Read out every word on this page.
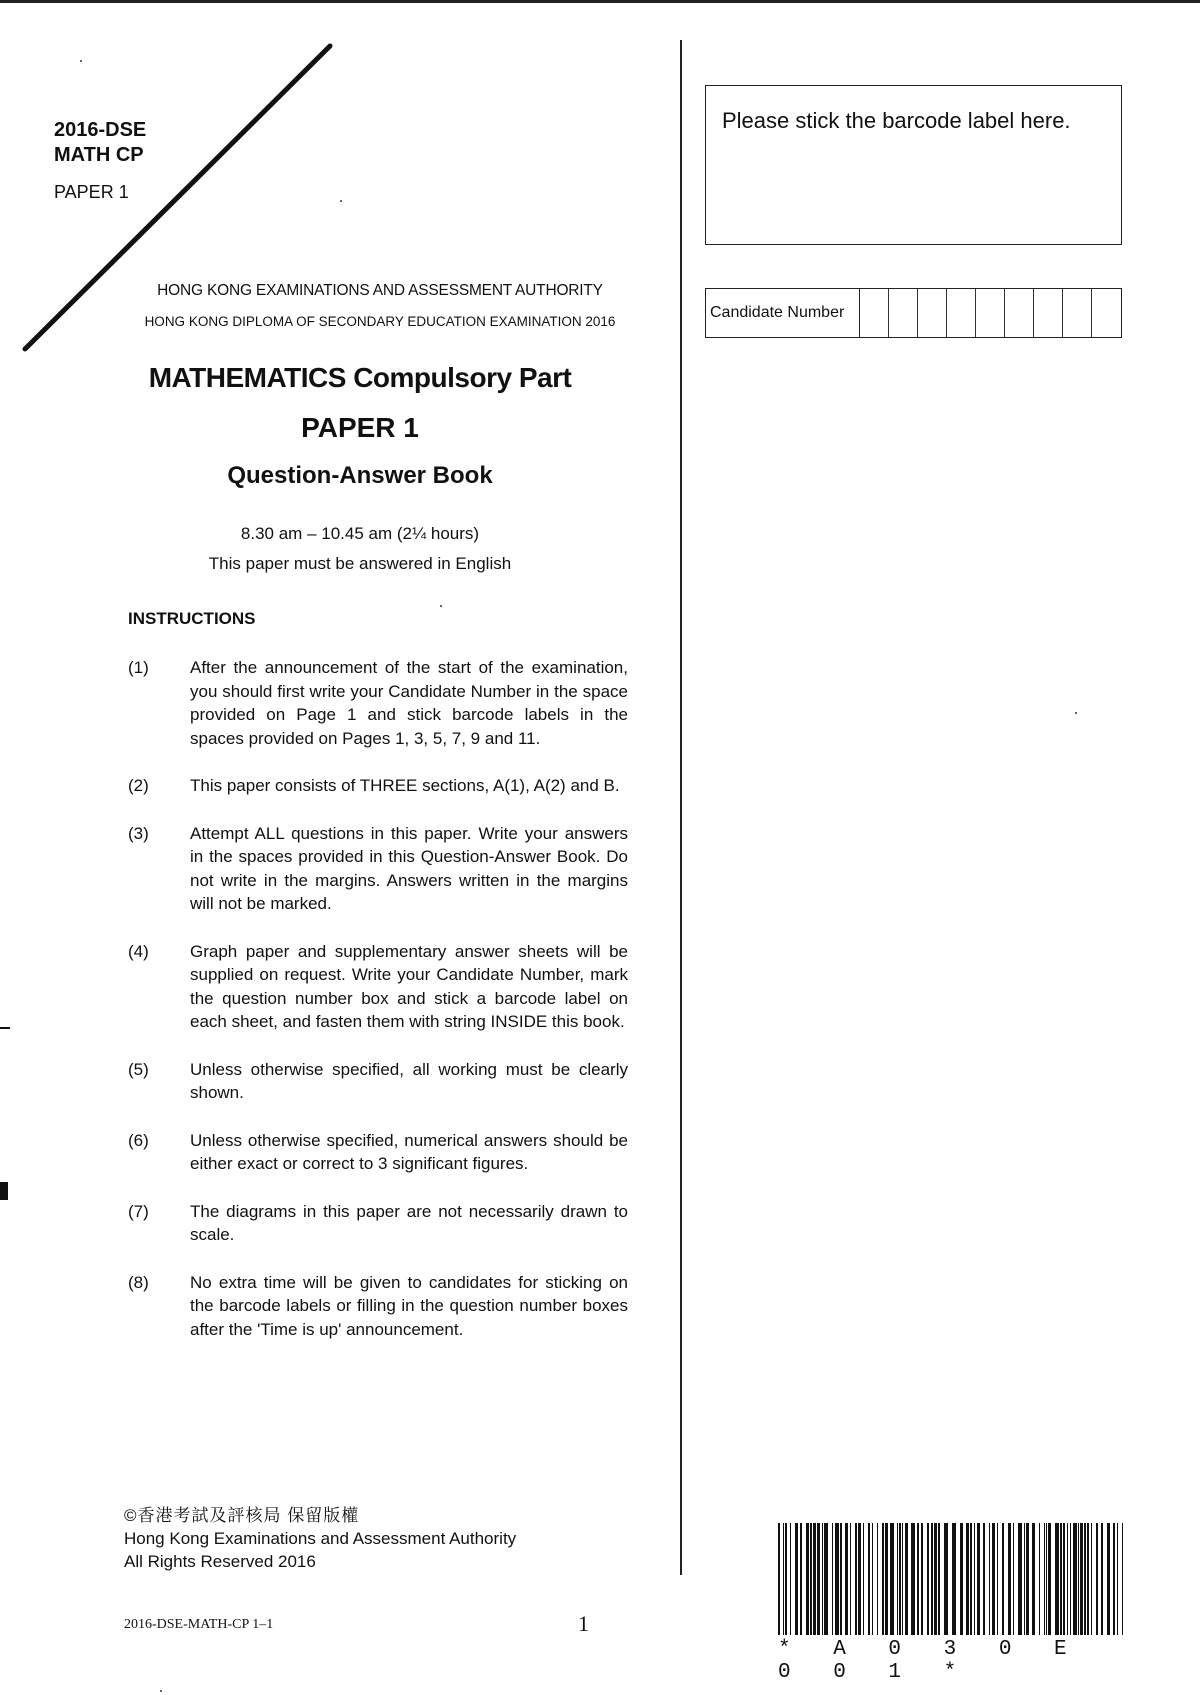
2016-DSE
MATH CP
PAPER 1
HONG KONG EXAMINATIONS AND ASSESSMENT AUTHORITY
HONG KONG DIPLOMA OF SECONDARY EDUCATION EXAMINATION 2016
MATHEMATICS Compulsory Part
PAPER 1
Question-Answer Book
8.30 am – 10.45 am (2¼ hours)
This paper must be answered in English
INSTRUCTIONS
(1)	After the announcement of the start of the examination, you should first write your Candidate Number in the space provided on Page 1 and stick barcode labels in the spaces provided on Pages 1, 3, 5, 7, 9 and 11.
(2)	This paper consists of THREE sections, A(1), A(2) and B.
(3)	Attempt ALL questions in this paper. Write your answers in the spaces provided in this Question-Answer Book. Do not write in the margins. Answers written in the margins will not be marked.
(4)	Graph paper and supplementary answer sheets will be supplied on request. Write your Candidate Number, mark the question number box and stick a barcode label on each sheet, and fasten them with string INSIDE this book.
(5)	Unless otherwise specified, all working must be clearly shown.
(6)	Unless otherwise specified, numerical answers should be either exact or correct to 3 significant figures.
(7)	The diagrams in this paper are not necessarily drawn to scale.
(8)	No extra time will be given to candidates for sticking on the barcode labels or filling in the question number boxes after the 'Time is up' announcement.
©香港考試及評核局 保留版權
Hong Kong Examinations and Assessment Authority
All Rights Reserved 2016
2016-DSE-MATH-CP 1–1	1
Please stick the barcode label here.
Candidate Number
* A 0 3 0 E 0 0 1 *
